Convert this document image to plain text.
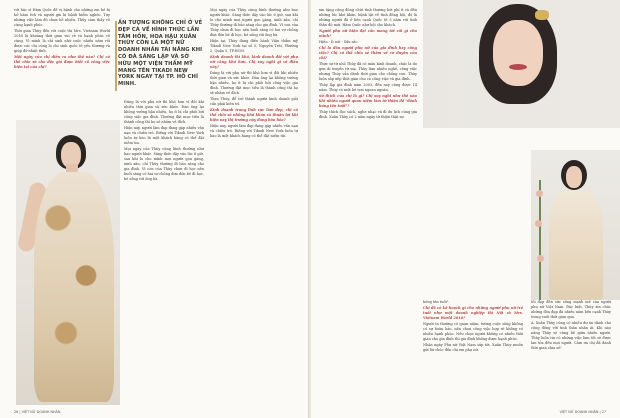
với bác sĩ Hàm Quốc để vị bệnh cho những em bé bị hở hàm ếch và người già bị bệnh hiểm nghèo. Tuy những việc làm đó chưa hề nhiều. Thùy cảm thấy vô cùng hạnh phúc.

Thời gian Thùy đến với cuộc thi Mrs. Vietnam World 2016 là khoảng thời gian vui vẻ và hạnh phúc vô cùng. Vì mình là chỉ sinh nhờ cuộc nhiều năm rồi được các chị cùng lo chi sinh quốc tế yêu thương và giúp đỡ nhiệt tình.

Một ngày của chị diễn ra như thế nào? Chị có thể chia sẻ cho độc giả được biết cô công việc hiện tại của chị?

ẤN TƯỢNG KHÔNG CHỈ Ở VẺ ĐẸP CÁ VỀ HÌNH THỨC LẦN TÂM HỒN, HOA HẬU XUÂN THÙY CÒN LÀ MỘT NỮ DOANH NHÂN TÀI NĂNG KHI CÓ ĐÀ SÁNG LẬP VÀ SỞ HỮU MỘT VIỆN THẨM MỸ MANG TÊN TIKADI NEW YORK NGAY TẠI TP. HỒ CHÍ MINH.

Mọi ngày của Thùy cũng bình thường như bao người khác. Sáng thức dậy vào lúc 6 giờ, sau khi lo cho mình mọi người gọn gàng, xinh xắn, chỉ Thùy thường đi bảo sáng cho gia đình. Vì con của Thùy chưa đi học nên buổi sáng có hai vợ chồng đưa đón bé đi học, bé sống với ông bà.

Hiện tại, Thùy đang điều hành Viện thẩm mỹ Tikadi New York tại số 5, Nguyễn Trãi, Phường 2, Quận 5, TP.HCM.

Kinh doanh thì khó, kinh doanh đối với phụ nữ càng khó hơn. Chị suy nghĩ gì về điều này?

Đúng là với phụ nữ thì khó hơn vì đôi khi nhiều thời gian và sức khỏe. Đàn ông lại không vướng bận nhiều, họ ít bị chi phối bởi công việc gia đình. Thường đặt mục tiêu là thành công thì họ sẽ nhắm về đích.

Theo Thùy, để trở thành người kinh doanh giỏi cần phải kiên trì.

Kinh doanh trong lĩnh vực làm đẹp, chị có thể chia sẻ những khó khăn và thuận lợi khi hiện nay thị trường này đang bão hòa?

Hiện nay, người làm đẹp đang gặp nhiều vấn nạn và chiêu trò. Riêng với Tikadi New York luôn tự hào là một khách hàng có thể đặt niềm tin.

Đúng là với phụ nữ thì khó hơn vì đôi khi nhiều thời gian và sức khỏe. Đàn ông lại không vướng bận nhiều, họ ít bị chi phối bởi công việc gia đình. Thường đặt mục tiêu là thành công thì họ sẽ nhắm về đích.

Hiện nay, người làm đẹp đang gặp nhiều vấn nạn và chiêu trò. Riêng với Tikadi New York luôn tự hào là một khách hàng có thể đặt niềm tin.

Mọi ngày của Thùy cũng bình thường như bao người khác. Sáng thức dậy vào lúc 6 giờ, sau khi lo cho mình mọi người gọn gàng, xinh xắn, chỉ Thùy thường đi bảo sáng cho gia đình. Vì con của Thùy chưa đi học nên buổi sáng có hai vợ chồng đưa đón bé đi học, bé sống với ông bà.

26 | VIỆT NỮ DOANH NHÂN

xin tặng cộng đồng chút tình thương bởi phí ít và đến những lúc khó khăn, bệnh tật về tình đồng hội, đó là những người đã ở bên cạnh Quốc tế 5 năm với tình thân đó mới. Hàm Quốc như hội cho khách.

Người phụ nữ hiện đại cần mang tới cái gì cho mình?

Hiền - Ít nói - Sâu sắc.

Chị lo đâu người phụ nữ của gia đình hay công việc? Chị có thể chia sẻ thêm về cơ duyên của chị?

Thực sự từ nhỏ Thùy đã có máu kinh doanh, chắc là do gen di truyền từ mẹ. Thùy làm nhiều nghề, công việc nhưng Thùy vẫn dành thời gian cho chồng con. Thùy luôn sắp xếp thời gian cho cả công việc và gia đình.

Thùy lập gia đình năm 2003, đến nay cũng được 14 năm. Thùy có một bé trai ngoan ngoãn.

Sở thích của chị là gì? Chị suy nghĩ như thế nào khi nhiều người quan niệm làm từ thiện để "đánh bóng tên tuổi"?

Thùy thích đọc sách, nghe nhạc và đi du lịch cùng gia đình. Xuân Thùy có 2 năm ngày từ thiện thật sự.

bóng tên tuổi".

Chị đã có kế hoạch gì cho những người phụ nữ trẻ tuổi như một doanh nghiệp Hà Nội và Mrs. Vietnam World 2016?

Người ta thường có quan niệm, tướng cuộc sống không có sự hoàn hảo, nên chọn công việc hợp sẽ không có nhiều hạnh phúc. Nếu chọn người không có nhiều thời gian cho gia đình thì gia đình không được hạnh phúc.

Nhận ngày Phụ nữ Việt Nam sắp tới, Xuân Thùy muốn gửi lời chúc đến chị em phụ nữ.

tôi đẹp đến sức sống mạnh mẽ của người phụ nữ Việt Nam. Đặc biệt, Thùy xin chúc những đóa đẹp đã nhiều năm bên cạnh Thùy trong suốt thời gian qua.

A, Xuân Thùy cũng có nhiều dự án dành cho cộng đồng với tinh thần nhân ái. Khi nào nâng Thùy sẽ cũng bế giữa nhiều người. Thùy luôn tin có những việc làm tốt sẽ được lan tỏa đến mọi người. Cảm ơn chị đã dành thời gian chia sẻ!

VIỆT NỮ DOANH NHÂN | 27
